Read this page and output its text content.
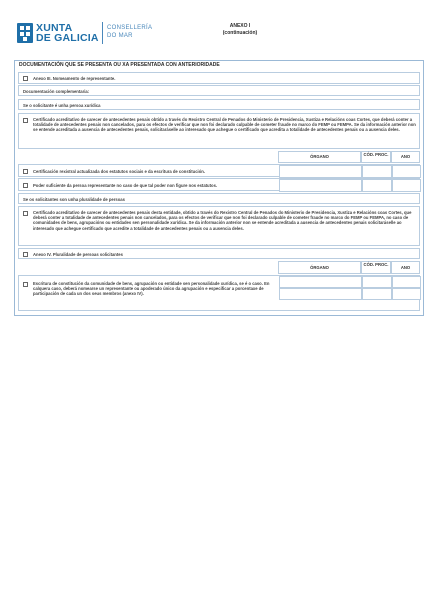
XUNTA
DE GALICIA
CONSELLERÍA
DO MAR
ANEXO I
(continuación)
DOCUMENTACIÓN QUE SE PRESENTA OU XA PRESENTADA CON ANTERIORIDADE
Anexo III. Nomeamento de representante.
Documentación complementaria:
Se o solicitante é unha persoa xurídica
Certificado acreditativo de carecer de antecedentes penais obtido a través do Rexistro Central de Penados do Ministerio de Presidencia, Xustiza e Relacións coas Cortes, que deberá conter a totalidade de antecedentes penais non cancelados, para os efectos de verificar que non foi declarado culpable de cometer fraude no marco do FEMP ou FEMPA. Se da información anterior non se entende acreditada a ausencia de antecedentes penais, solicitaráselle ao interesado que achegue o certificado que acredita a totalidade de antecedentes penais ou a ausencia deles.
ÓRGANO	CÓD. PROC.	ANO
Certificación rexistral actualizada dos estatutos sociais e da escritura de constitución.
Poder suficiente da persoa representante no caso de que tal poder non figure nos estatutos.
Se os solicitantes son unha pluralidade de persoas
Certificado acreditativo de carecer de antecedentes penais desta entidade, obtido a través do Rexistro Central de Penados do Ministerio de Presidencia, Xustiza e Relacións coas Cortes, que deberá conter a totalidade de antecedentes penais non cancelados, para os efectos de verificar que non foi declarado culpable de cometer fraude no marco do FEMP ou FEMPA, no caso de comunidades de bens, agrupacións ou entidades sen personalidade xurídica. Se da información anterior non se entende acreditada a ausencia de antecedentes penais solicitaráselle ao interesado que achegue certificado que acredite a totalidade de antecedentes penais ou a ausencia deles.
Anexo IV. Pluralidade de persoas solicitantes
ÓRGANO
CÓD. PROC.
ANO
Escritura de constitución da comunidade de bens, agrupación ou entidade sen personalidade xurídica, se é o caso. En calquera caso, deberá nomearse un representante ou apoderado único da agrupación e especificar a porcentaxe de participación de cada un dos seus membros (anexo IV).
